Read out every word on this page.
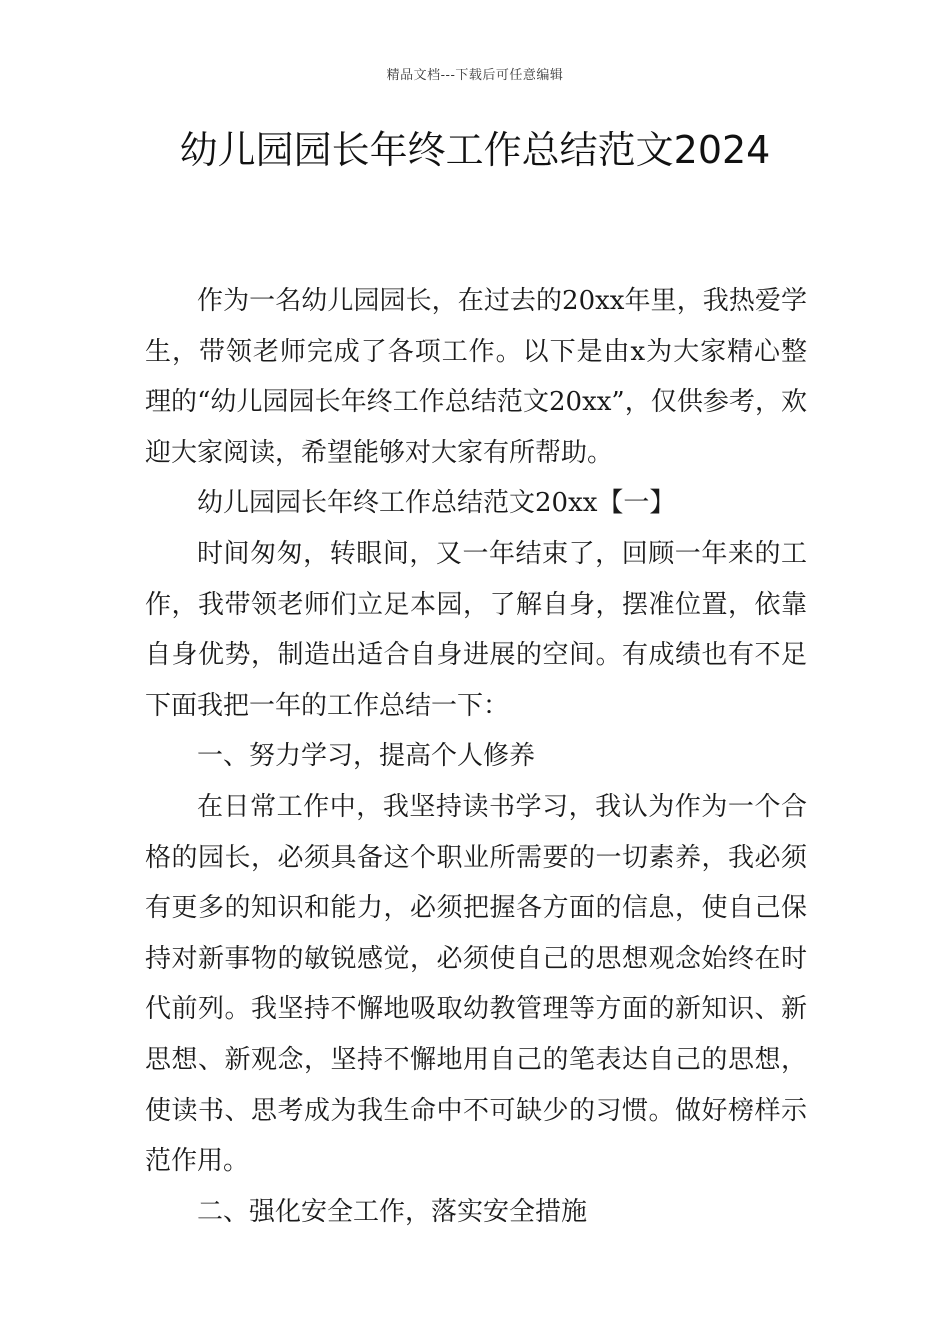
精品文档---下载后可任意编辑
幼儿园园长年终工作总结范文2024

作为一名幼儿园园长，在过去的20xx年里，我热爱学生，带领老师完成了各项工作。以下是由x为大家精心整理的“幼儿园园长年终工作总结范文20xx”，仅供参考，欢迎大家阅读，希望能够对大家有所帮助。

幼儿园园长年终工作总结范文20xx【一】

时间匆匆，转眼间，又一年结束了，回顾一年来的工作，我带领老师们立足本园，了解自身，摆准位置，依靠自身优势，制造出适合自身进展的空间。有成绩也有不足下面我把一年的工作总结一下：

一、努力学习，提高个人修养

在日常工作中，我坚持读书学习，我认为作为一个合格的园长，必须具备这个职业所需要的一切素养，我必须有更多的知识和能力，必须把握各方面的信息，使自己保持对新事物的敏锐感觉，必须使自己的思想观念始终在时代前列。我坚持不懈地吸取幼教管理等方面的新知识、新思想、新观念，坚持不懈地用自己的笔表达自己的思想，使读书、思考成为我生命中不可缺少的习惯。做好榜样示范作用。

二、强化安全工作，落实安全措施
